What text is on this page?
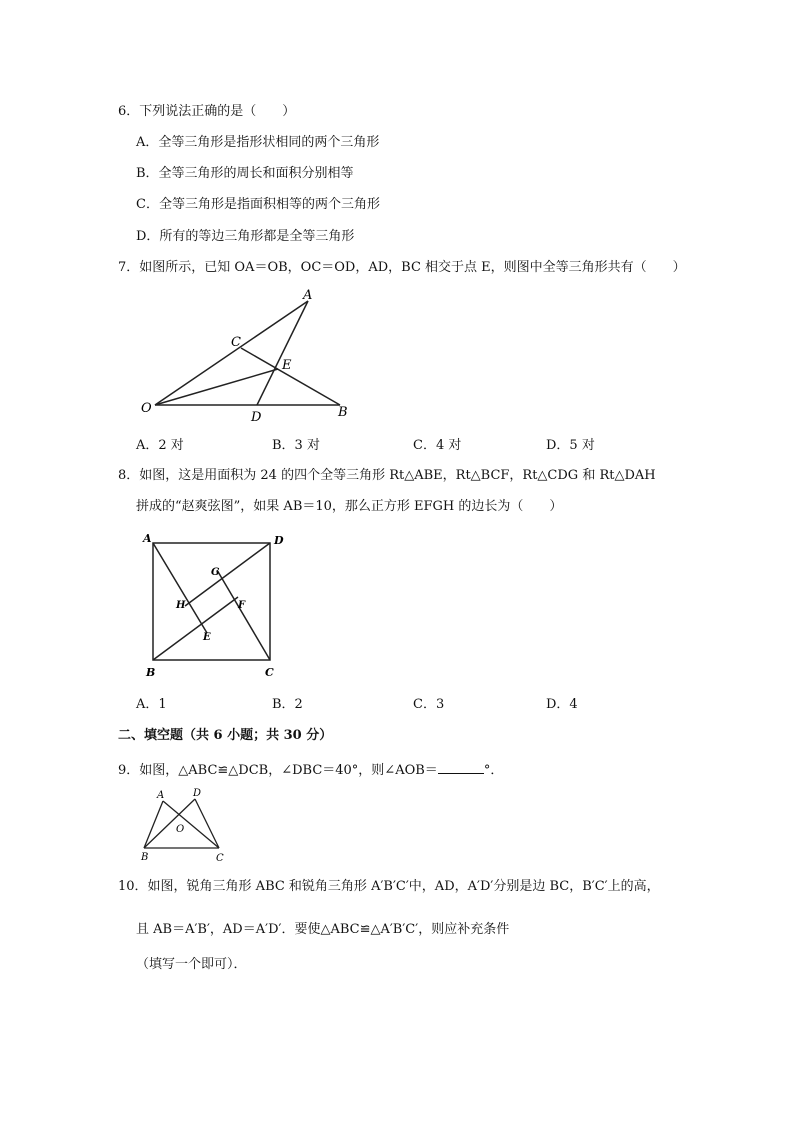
6．下列说法正确的是（　　）
A．全等三角形是指形状相同的两个三角形
B．全等三角形的周长和面积分别相等
C．全等三角形是指面积相等的两个三角形
D．所有的等边三角形都是全等三角形
7．如图所示，已知 OA＝OB，OC＝OD，AD，BC 相交于点 E，则图中全等三角形共有（　　）
A
C
E
O
D	B
A．2 对	B．3 对	C．4 对	D．5 对
8．如图，这是用面积为 24 的四个全等三角形 Rt△ABE，Rt△BCF，Rt△CDG 和 Rt△DAH
拼成的“赵爽弦图”，如果 AB＝10，那么正方形 EFGH 的边长为（　　）
A	D
B	C
G
H	F
E
A．1	B．2	C．3	D．4
二、填空题（共 6 小题；共 30 分）
9．如图，△ABC≌△DCB，∠DBC＝40°，则∠AOB＝	°．
A	D
O
B	C
10．如图，锐角三角形 ABC 和锐角三角形 A′B′C′中，AD，A′D′分别是边 BC，B′C′上的高，
且 AB＝A′B′，AD＝A′D′．要使△ABC≌△A′B′C′，则应补充条件
（填写一个即可）．
